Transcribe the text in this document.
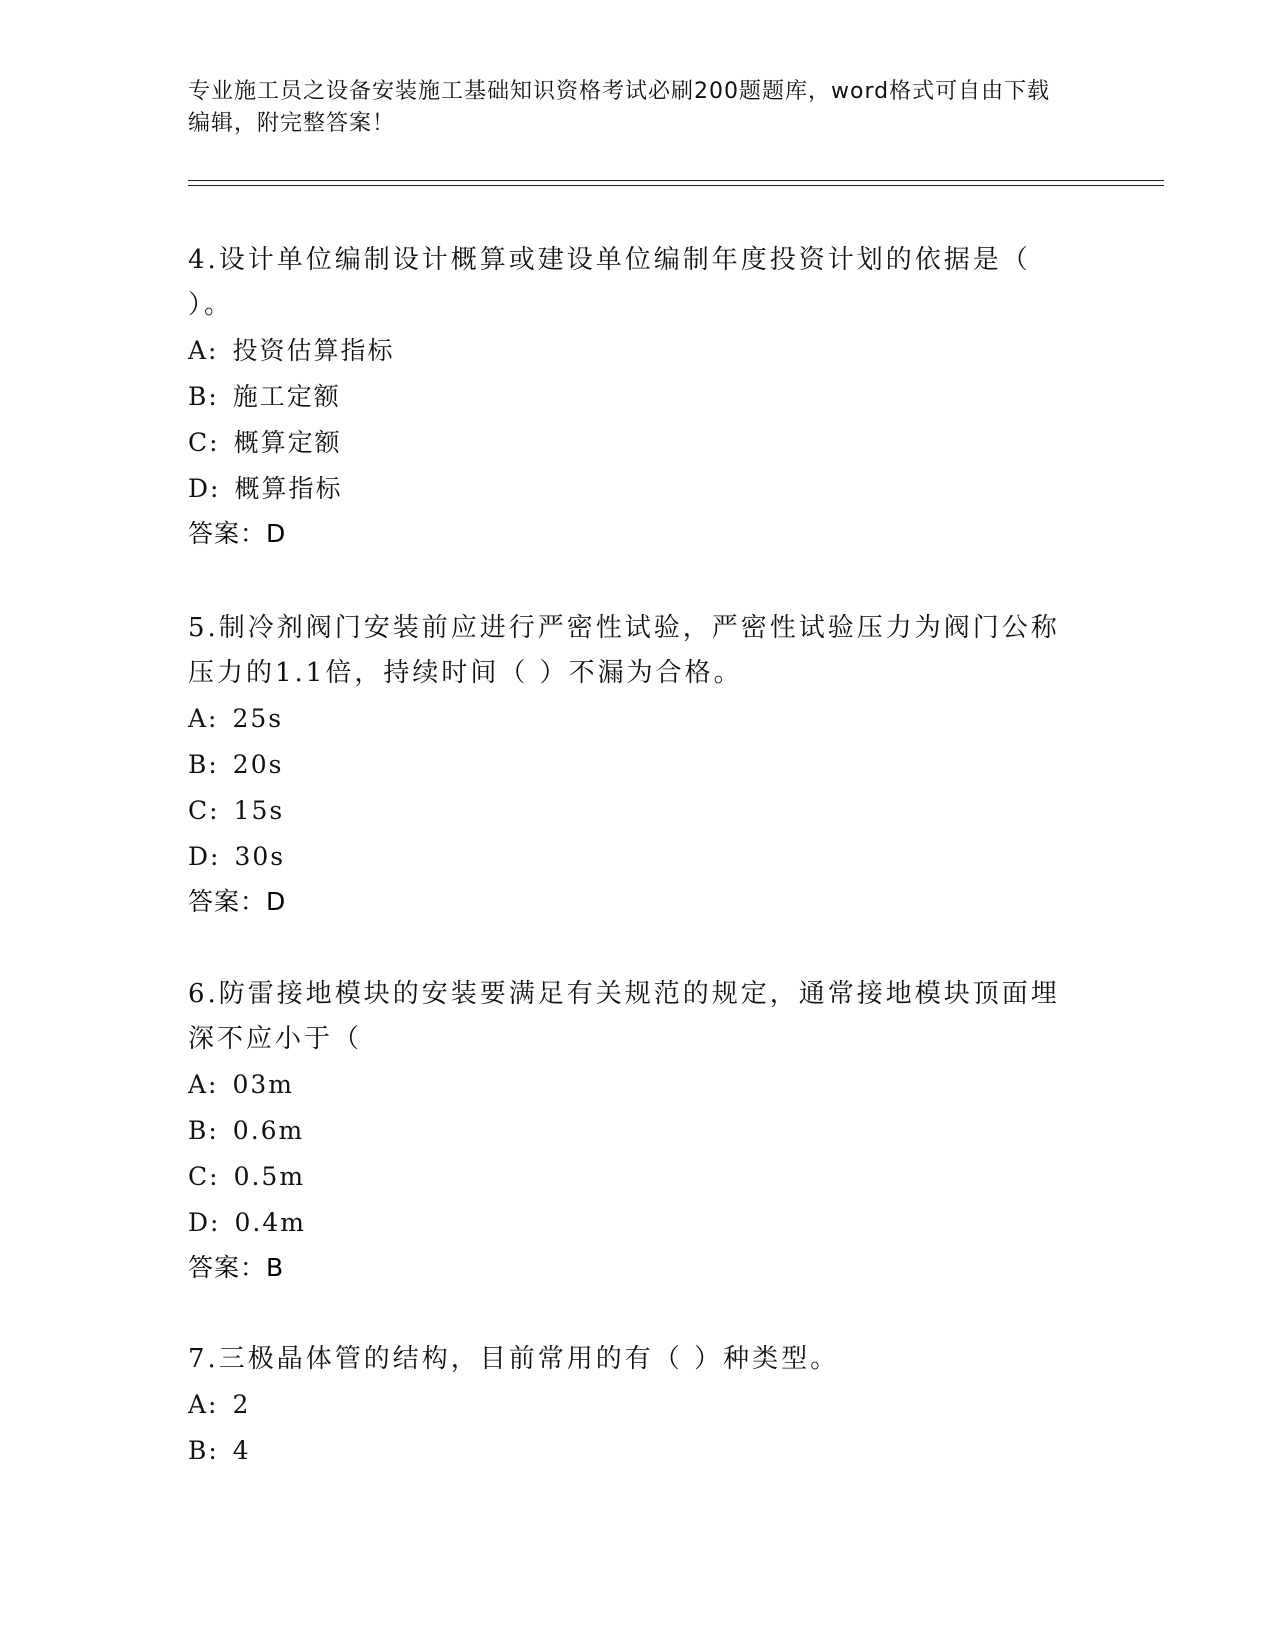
专业施工员之设备安装施工基础知识资格考试必刷200题题库，word格式可自由下载编辑，附完整答案！

4.设计单位编制设计概算或建设单位编制年度投资计划的依据是（ ）。

A: 投资估算指标
B: 施工定额
C: 概算定额
D: 概算指标
答案：D

5.制冷剂阀门安装前应进行严密性试验，严密性试验压力为阀门公称压力的1.1倍，持续时间（ ）不漏为合格。

A: 25s
B: 20s
C: 15s
D: 30s
答案：D

6.防雷接地模块的安装要满足有关规范的规定，通常接地模块顶面埋深不应小于（

A: 03m
B: 0.6m
C: 0.5m
D: 0.4m
答案：B

7.三极晶体管的结构，目前常用的有（ ）种类型。

A: 2
B: 4
